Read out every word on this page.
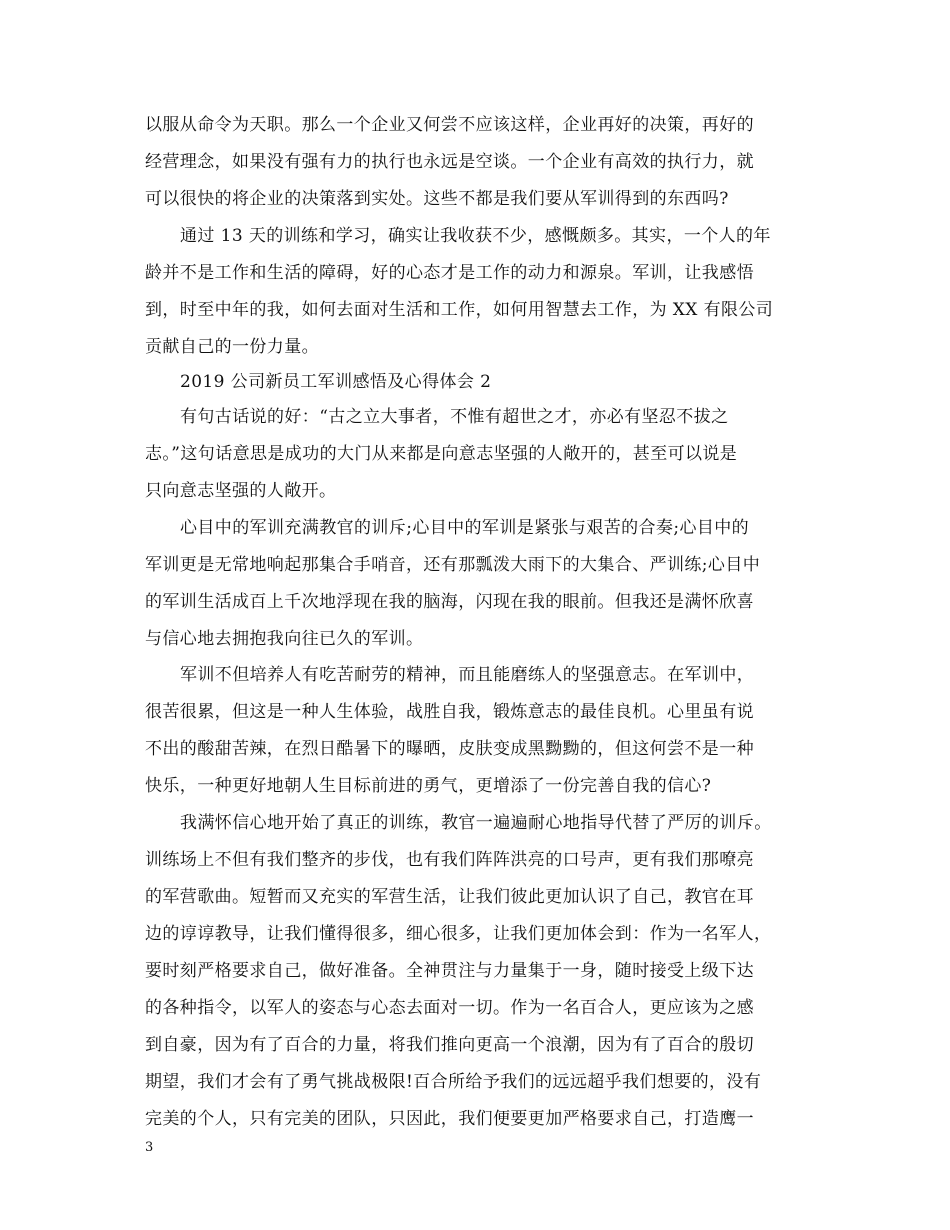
以服从命令为天职。那么一个企业又何尝不应该这样，企业再好的决策，再好的
经营理念，如果没有强有力的执行也永远是空谈。一个企业有高效的执行力，就
可以很快的将企业的决策落到实处。这些不都是我们要从军训得到的东西吗?
通过 13 天的训练和学习，确实让我收获不少，感慨颇多。其实，一个人的年
龄并不是工作和生活的障碍，好的心态才是工作的动力和源泉。军训，让我感悟
到，时至中年的我，如何去面对生活和工作，如何用智慧去工作，为 XX 有限公司
贡献自己的一份力量。
2019 公司新员工军训感悟及心得体会 2
有句古话说的好：“古之立大事者，不惟有超世之才，亦必有坚忍不拔之
志。”这句话意思是成功的大门从来都是向意志坚强的人敞开的，甚至可以说是
只向意志坚强的人敞开。
心目中的军训充满教官的训斥;心目中的军训是紧张与艰苦的合奏;心目中的
军训更是无常地响起那集合手哨音，还有那瓢泼大雨下的大集合、严训练;心目中
的军训生活成百上千次地浮现在我的脑海，闪现在我的眼前。但我还是满怀欣喜
与信心地去拥抱我向往已久的军训。
军训不但培养人有吃苦耐劳的精神，而且能磨练人的坚强意志。在军训中，
很苦很累，但这是一种人生体验，战胜自我，锻炼意志的最佳良机。心里虽有说
不出的酸甜苦辣，在烈日酷暑下的曝晒，皮肤变成黑黝黝的，但这何尝不是一种
快乐，一种更好地朝人生目标前进的勇气，更增添了一份完善自我的信心?
我满怀信心地开始了真正的训练，教官一遍遍耐心地指导代替了严厉的训斥。
训练场上不但有我们整齐的步伐，也有我们阵阵洪亮的口号声，更有我们那嘹亮
的军营歌曲。短暂而又充实的军营生活，让我们彼此更加认识了自己，教官在耳
边的谆谆教导，让我们懂得很多，细心很多，让我们更加体会到：作为一名军人，
要时刻严格要求自己，做好准备。全神贯注与力量集于一身，随时接受上级下达
的各种指令，以军人的姿态与心态去面对一切。作为一名百合人，更应该为之感
到自豪，因为有了百合的力量，将我们推向更高一个浪潮，因为有了百合的殷切
期望，我们才会有了勇气挑战极限!百合所给予我们的远远超乎我们想要的，没有
完美的个人，只有完美的团队，只因此，我们便要更加严格要求自己，打造鹰一
3
